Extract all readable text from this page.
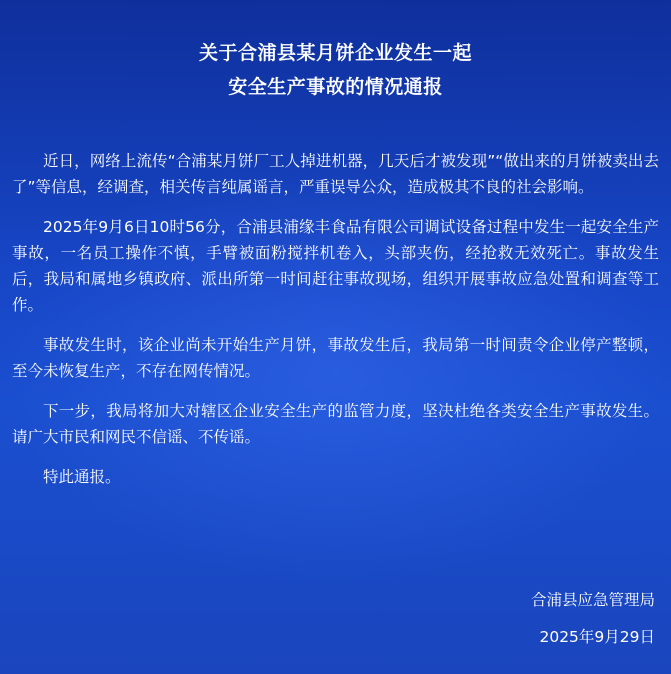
关于合浦县某月饼企业发生一起
安全生产事故的情况通报

近日，网络上流传“合浦某月饼厂工人掉进机器，几天后才被发现”“做出来的月饼被卖出去了”等信息，经调查，相关传言纯属谣言，严重误导公众，造成极其不良的社会影响。

2025年9月6日10时56分，合浦县浦缘丰食品有限公司调试设备过程中发生一起安全生产事故，一名员工操作不慎，手臂被面粉搅拌机卷入，头部夹伤，经抢救无效死亡。事故发生后，我局和属地乡镇政府、派出所第一时间赶往事故现场，组织开展事故应急处置和调查等工作。

事故发生时，该企业尚未开始生产月饼，事故发生后，我局第一时间责令企业停产整顿，至今未恢复生产，不存在网传情况。

下一步，我局将加大对辖区企业安全生产的监管力度，坚决杜绝各类安全生产事故发生。请广大市民和网民不信谣、不传谣。

特此通报。

合浦县应急管理局
2025年9月29日
